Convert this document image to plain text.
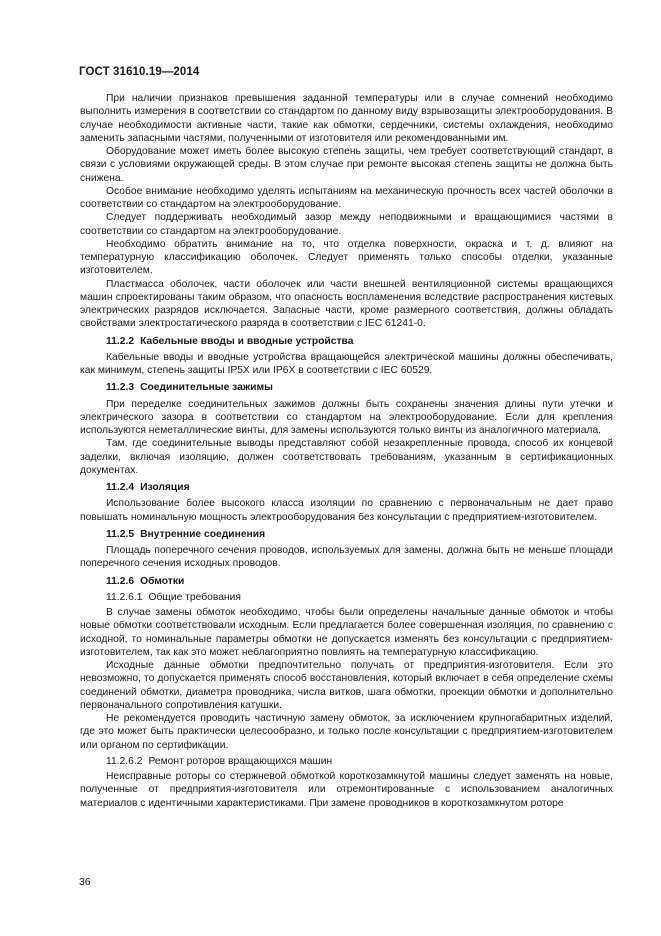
ГОСТ 31610.19—2014

При наличии признаков превышения заданной температуры или в случае сомнений необходимо выполнить измерения в соответствии со стандартом по данному виду взрывозащиты электрооборудования. В случае необходимости активные части, такие как обмотки, сердечники, системы охлаждения, необходимо заменить запасными частями, полученными от изготовителя или рекомендованными им.

Оборудование может иметь более высокую степень защиты, чем требует соответствующий стандарт, в связи с условиями окружающей среды. В этом случае при ремонте высокая степень защиты не должна быть снижена.

Особое внимание необходимо уделять испытаниям на механическую прочность всех частей оболочки в соответствии со стандартом на электрооборудование.

Следует поддерживать необходимый зазор между неподвижными и вращающимися частями в соответствии со стандартом на электрооборудование.

Необходимо обратить внимание на то, что отделка поверхности, окраска и т. д. влияют на температурную классификацию оболочек. Следует применять только способы отделки, указанные изготовителем.

Пластмасса оболочек, части оболочек или части внешней вентиляционной системы вращающихся машин спроектированы таким образом, что опасность воспламенения вследствие распространения кистевых электрических разрядов исключается. Запасные части, кроме размерного соответствия, должны обладать свойствами электростатического разряда в соответствии с IEC 61241-0.

11.2.2 Кабельные вводы и вводные устройства

Кабельные вводы и вводные устройства вращающейся электрической машины должны обеспечивать, как минимум, степень защиты IP5X или IP6X в соответствии с IEC 60529.

11.2.3 Соединительные зажимы

При переделке соединительных зажимов должны быть сохранены значения длины пути утечки и электрического зазора в соответствии со стандартом на электрооборудование. Если для крепления используются неметаллические винты, для замены используются только винты из аналогичного материала.

Там, где соединительные выводы представляют собой незакрепленные провода, способ их концевой заделки, включая изоляцию, должен соответствовать требованиям, указанным в сертификационных документах.

11.2.4 Изоляция

Использование более высокого класса изоляции по сравнению с первоначальным не дает право повышать номинальную мощность электрооборудования без консультации с предприятием-изготовителем.

11.2.5 Внутренние соединения

Площадь поперечного сечения проводов, используемых для замены, должна быть не меньше площади поперечного сечения исходных проводов.

11.2.6 Обмотки
11.2.6.1 Общие требования

В случае замены обмоток необходимо, чтобы были определены начальные данные обмоток и чтобы новые обмотки соответствовали исходным. Если предлагается более совершенная изоляция, по сравнению с исходной, то номинальные параметры обмотки не допускается изменять без консультации с предприятием-изготовителем, так как это может неблагоприятно повлиять на температурную классификацию.

Исходные данные обмотки предпочтительно получать от предприятия-изготовителя. Если это невозможно, то допускается применять способ восстановления, который включает в себя определение схемы соединений обмотки, диаметра проводника, числа витков, шага обмотки, проекции обмотки и дополнительно первоначального сопротивления катушки.

Не рекомендуется проводить частичную замену обмоток, за исключением крупногабаритных изделий, где это может быть практически целесообразно, и только после консультации с предприятием-изготовителем или органом по сертификации.

11.2.6.2 Ремонт роторов вращающихся машин

Неисправные роторы со стержневой обмоткой короткозамкнутой машины следует заменять на новые, полученные от предприятия-изготовителя или отремонтированные с использованием аналогичных материалов с идентичными характеристиками. При замене проводников в короткозамкнутом роторе

36
